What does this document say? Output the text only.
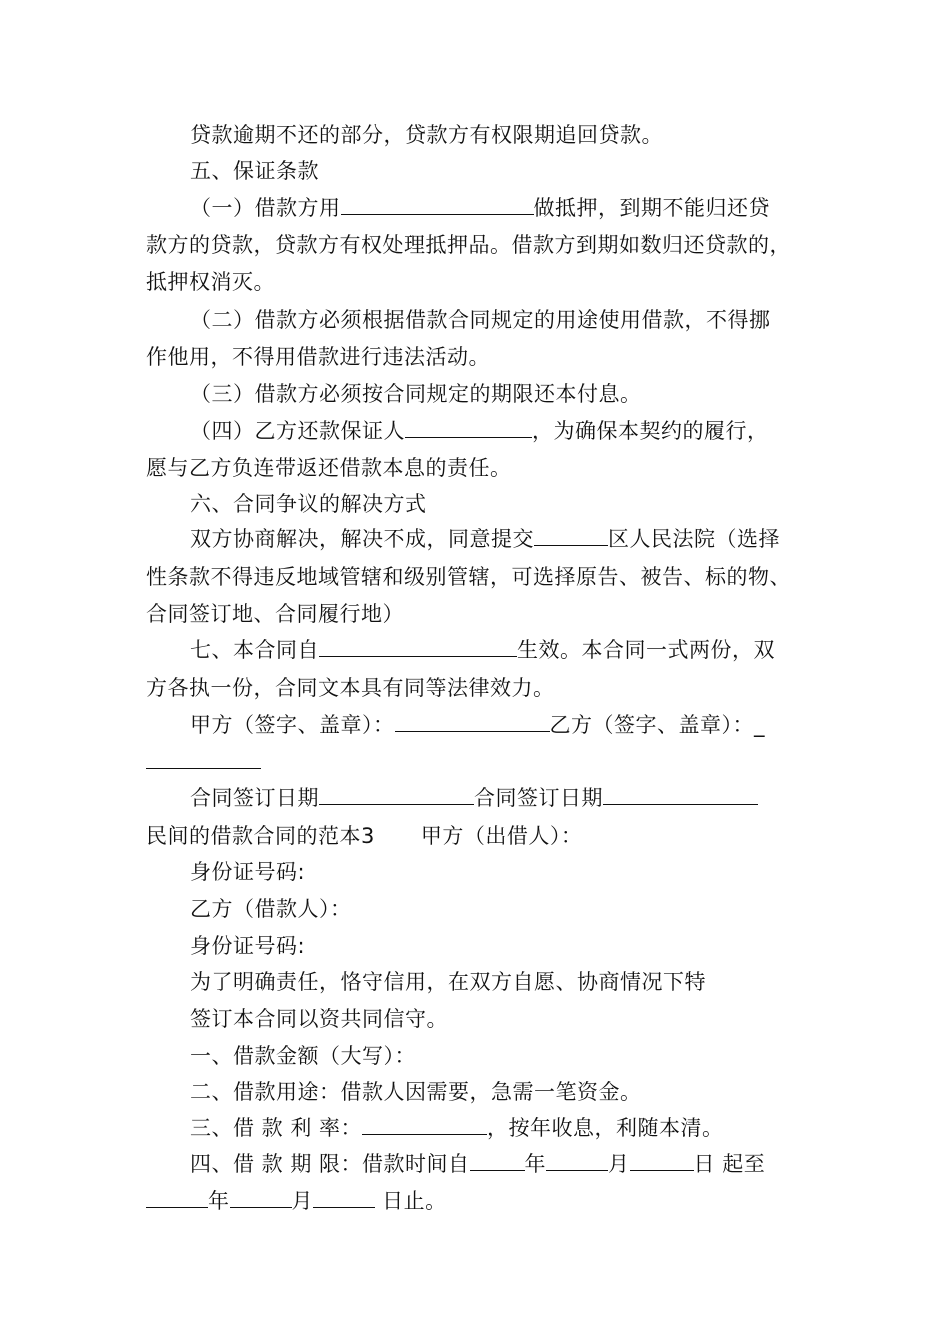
贷款逾期不还的部分，贷款方有权限期追回贷款。
五、保证条款
（一）借款方用	做抵押，到期不能归还贷
款方的贷款，贷款方有权处理抵押品。借款方到期如数归还贷款的，
抵押权消灭。
（二）借款方必须根据借款合同规定的用途使用借款，不得挪
作他用，不得用借款进行违法活动。
（三）借款方必须按合同规定的期限还本付息。
（四）乙方还款保证人	，为确保本契约的履行，
愿与乙方负连带返还借款本息的责任。
六、合同争议的解决方式
双方协商解决，解决不成，同意提交	区人民法院（选择
性条款不得违反地域管辖和级别管辖，可选择原告、被告、标的物、
合同签订地、合同履行地）
七、本合同自	生效。本合同一式两份，双
方各执一份，合同文本具有同等法律效力。
甲方（签字、盖章）：	乙方（签字、盖章）：_
合同签订日期	合同签订日期
民间的借款合同的范本3 甲方（出借人）：
身份证号码:
乙方（借款人）：
身份证号码:
为了明确责任，恪守信用，在双方自愿、协商情况下特
签订本合同以资共同信守。
一、借款金额（大写）：
二、借款用途：借款人因需要，急需一笔资金。
三、借 款 利 率：	，按年收息，利随本清。
四、借 款 期 限：借款时间自	年	月	日 起至
年	月	日止。
